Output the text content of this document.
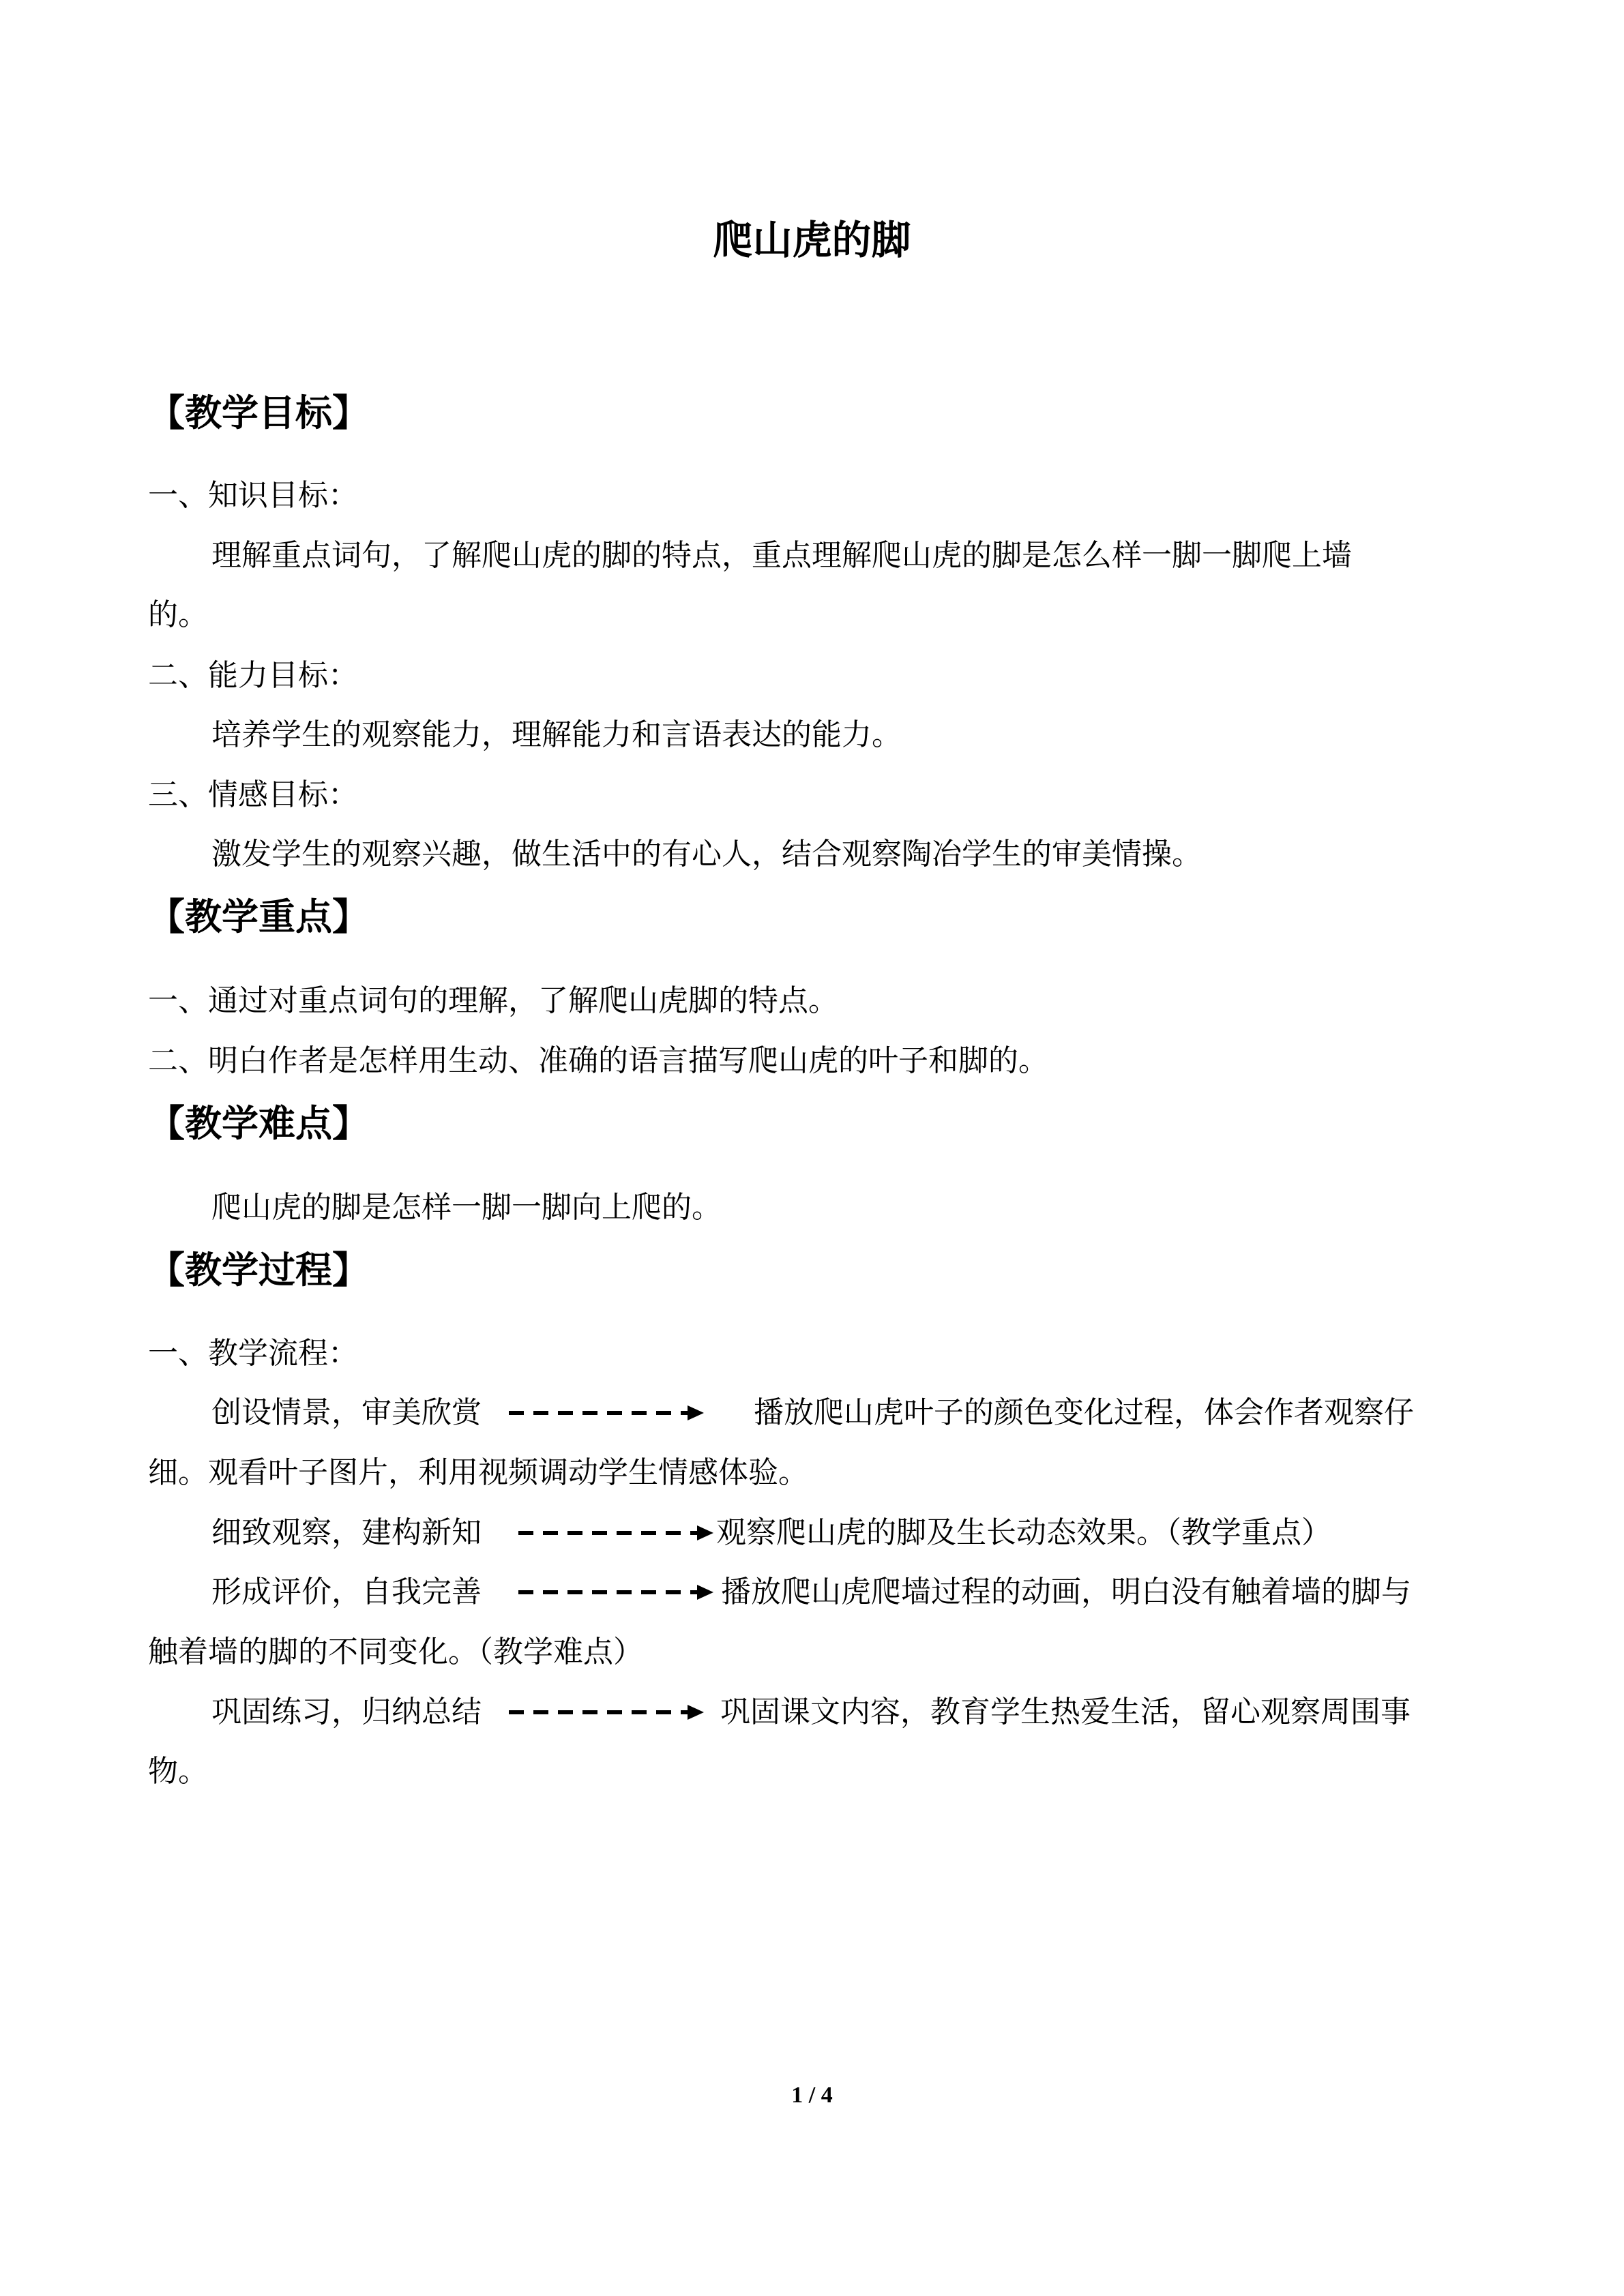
爬山虎的脚
【教学目标】
一、知识目标：
理解重点词句，了解爬山虎的脚的特点，重点理解爬山虎的脚是怎么样一脚一脚爬上墙
的。
二、能力目标：
培养学生的观察能力，理解能力和言语表达的能力。
三、情感目标：
激发学生的观察兴趣，做生活中的有心人，结合观察陶冶学生的审美情操。
【教学重点】
一、通过对重点词句的理解，了解爬山虎脚的特点。
二、明白作者是怎样用生动、准确的语言描写爬山虎的叶子和脚的。
【教学难点】
爬山虎的脚是怎样一脚一脚向上爬的。
【教学过程】
一、教学流程：
创设情景，审美欣赏	播放爬山虎叶子的颜色变化过程，体会作者观察仔
细。观看叶子图片，利用视频调动学生情感体验。
细致观察，建构新知	观察爬山虎的脚及生长动态效果。（教学重点）
形成评价，自我完善	播放爬山虎爬墙过程的动画，明白没有触着墙的脚与
触着墙的脚的不同变化。（教学难点）
巩固练习，归纳总结	巩固课文内容，教育学生热爱生活，留心观察周围事
物。
1 / 4
